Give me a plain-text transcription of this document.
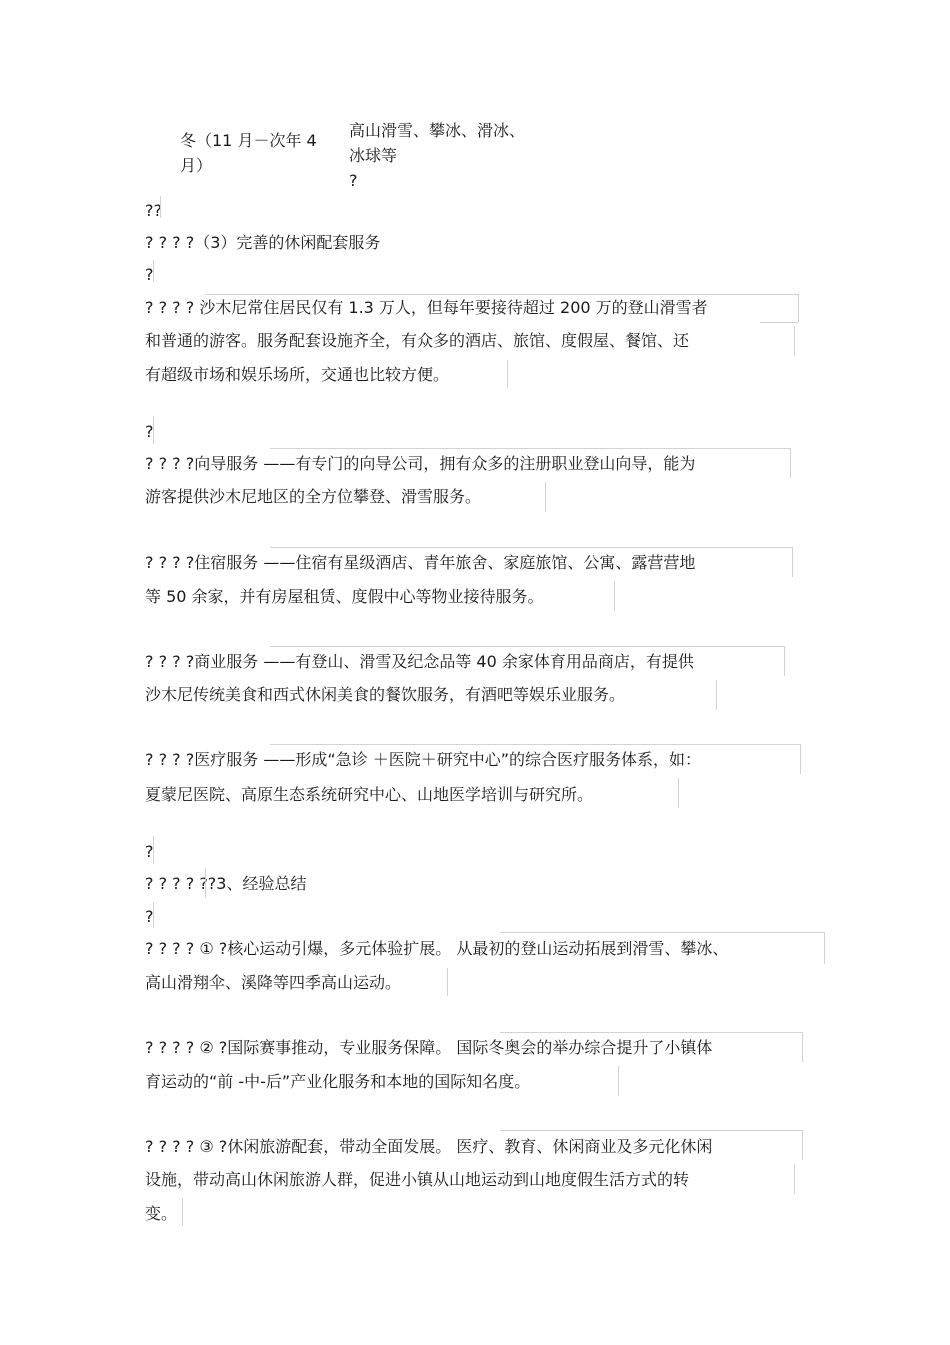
冬（11 月－次年 4
月）
高山滑雪、攀冰、滑冰、
冰球等
?
??
? ? ? ?（3）完善的休闲配套服务
?
? ? ? ? 沙木尼常住居民仅有 1.3 万人，但每年要接待超过 200 万的登山滑雪者
和普通的游客。服务配套设施齐全，有众多的酒店、旅馆、度假屋、餐馆、还
有超级市场和娱乐场所，交通也比较方便。
?
? ? ? ?向导服务 ——有专门的向导公司，拥有众多的注册职业登山向导，能为
游客提供沙木尼地区的全方位攀登、滑雪服务。
? ? ? ?住宿服务 ——住宿有星级酒店、青年旅舍、家庭旅馆、公寓、露营营地
等 50 余家，并有房屋租赁、度假中心等物业接待服务。
? ? ? ?商业服务 ——有登山、滑雪及纪念品等 40 余家体育用品商店，有提供
沙木尼传统美食和西式休闲美食的餐饮服务，有酒吧等娱乐业服务。
? ? ? ?医疗服务 ——形成“急诊 ＋医院＋研究中心”的综合医疗服务体系，如：
夏蒙尼医院、高原生态系统研究中心、山地医学培训与研究所。
?
? ? ? ? ??3、经验总结
?
? ? ? ? ① ?核心运动引爆，多元体验扩展。 从最初的登山运动拓展到滑雪、攀冰、
高山滑翔伞、溪降等四季高山运动。
? ? ? ? ② ?国际赛事推动，专业服务保障。 国际冬奥会的举办综合提升了小镇体
育运动的“前 -中-后”产业化服务和本地的国际知名度。
? ? ? ? ③ ?休闲旅游配套，带动全面发展。 医疗、教育、休闲商业及多元化休闲
设施，带动高山休闲旅游人群，促进小镇从山地运动到山地度假生活方式的转
变。
